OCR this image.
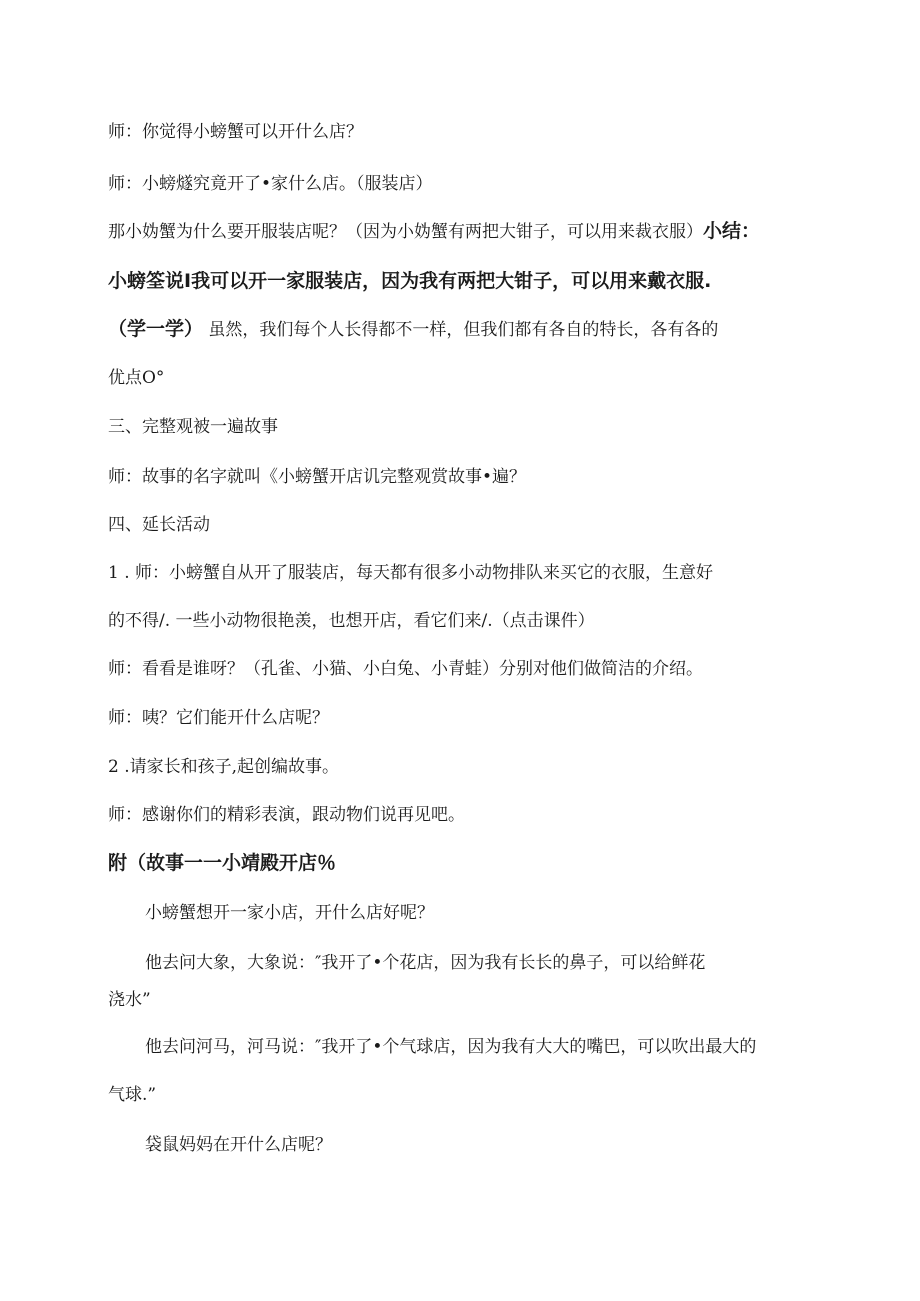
师：你觉得小螃蟹可以开什么店？
师：小螃燧究竟开了•家什么店。（服装店）
那小妫蟹为什么要开服装店呢？（因为小妫蟹有两把大钳子，可以用来裁衣服）小结：
小螃筌说I我可以开一家服装店，因为我有两把大钳子，可以用来戴衣服.
（学一学） 虽然，我们每个人长得都不一样，但我们都有各自的特长，各有各的
优点O°
三、完整观被一遍故事
师：故事的名字就叫《小螃蟹开店讥完整观赏故事•遍？
四、延长活动
1 . 师：小螃蟹自从开了服装店，每天都有很多小动物排队来买它的衣服，生意好
的不得/. 一些小动物很艳羡，也想开店，看它们来/.（点击课件）
师：看看是谁呀？（孔雀、小猫、小白兔、小青蛙）分别对他们做简洁的介绍。
师：咦？它们能开什么店呢？
2 .请家长和孩子,起创编故事。
师：感谢你们的精彩表演，跟动物们说再见吧。
附（故事一一小靖殿开店％
小螃蟹想开一家小店，开什么店好呢？
他去问大象，大象说：″我开了•个花店，因为我有长长的鼻子，可以给鲜花
浇水”
他去问河马，河马说：″我开了•个气球店，因为我有大大的嘴巴，可以吹出最大的
气球.”
袋鼠妈妈在开什么店呢？
